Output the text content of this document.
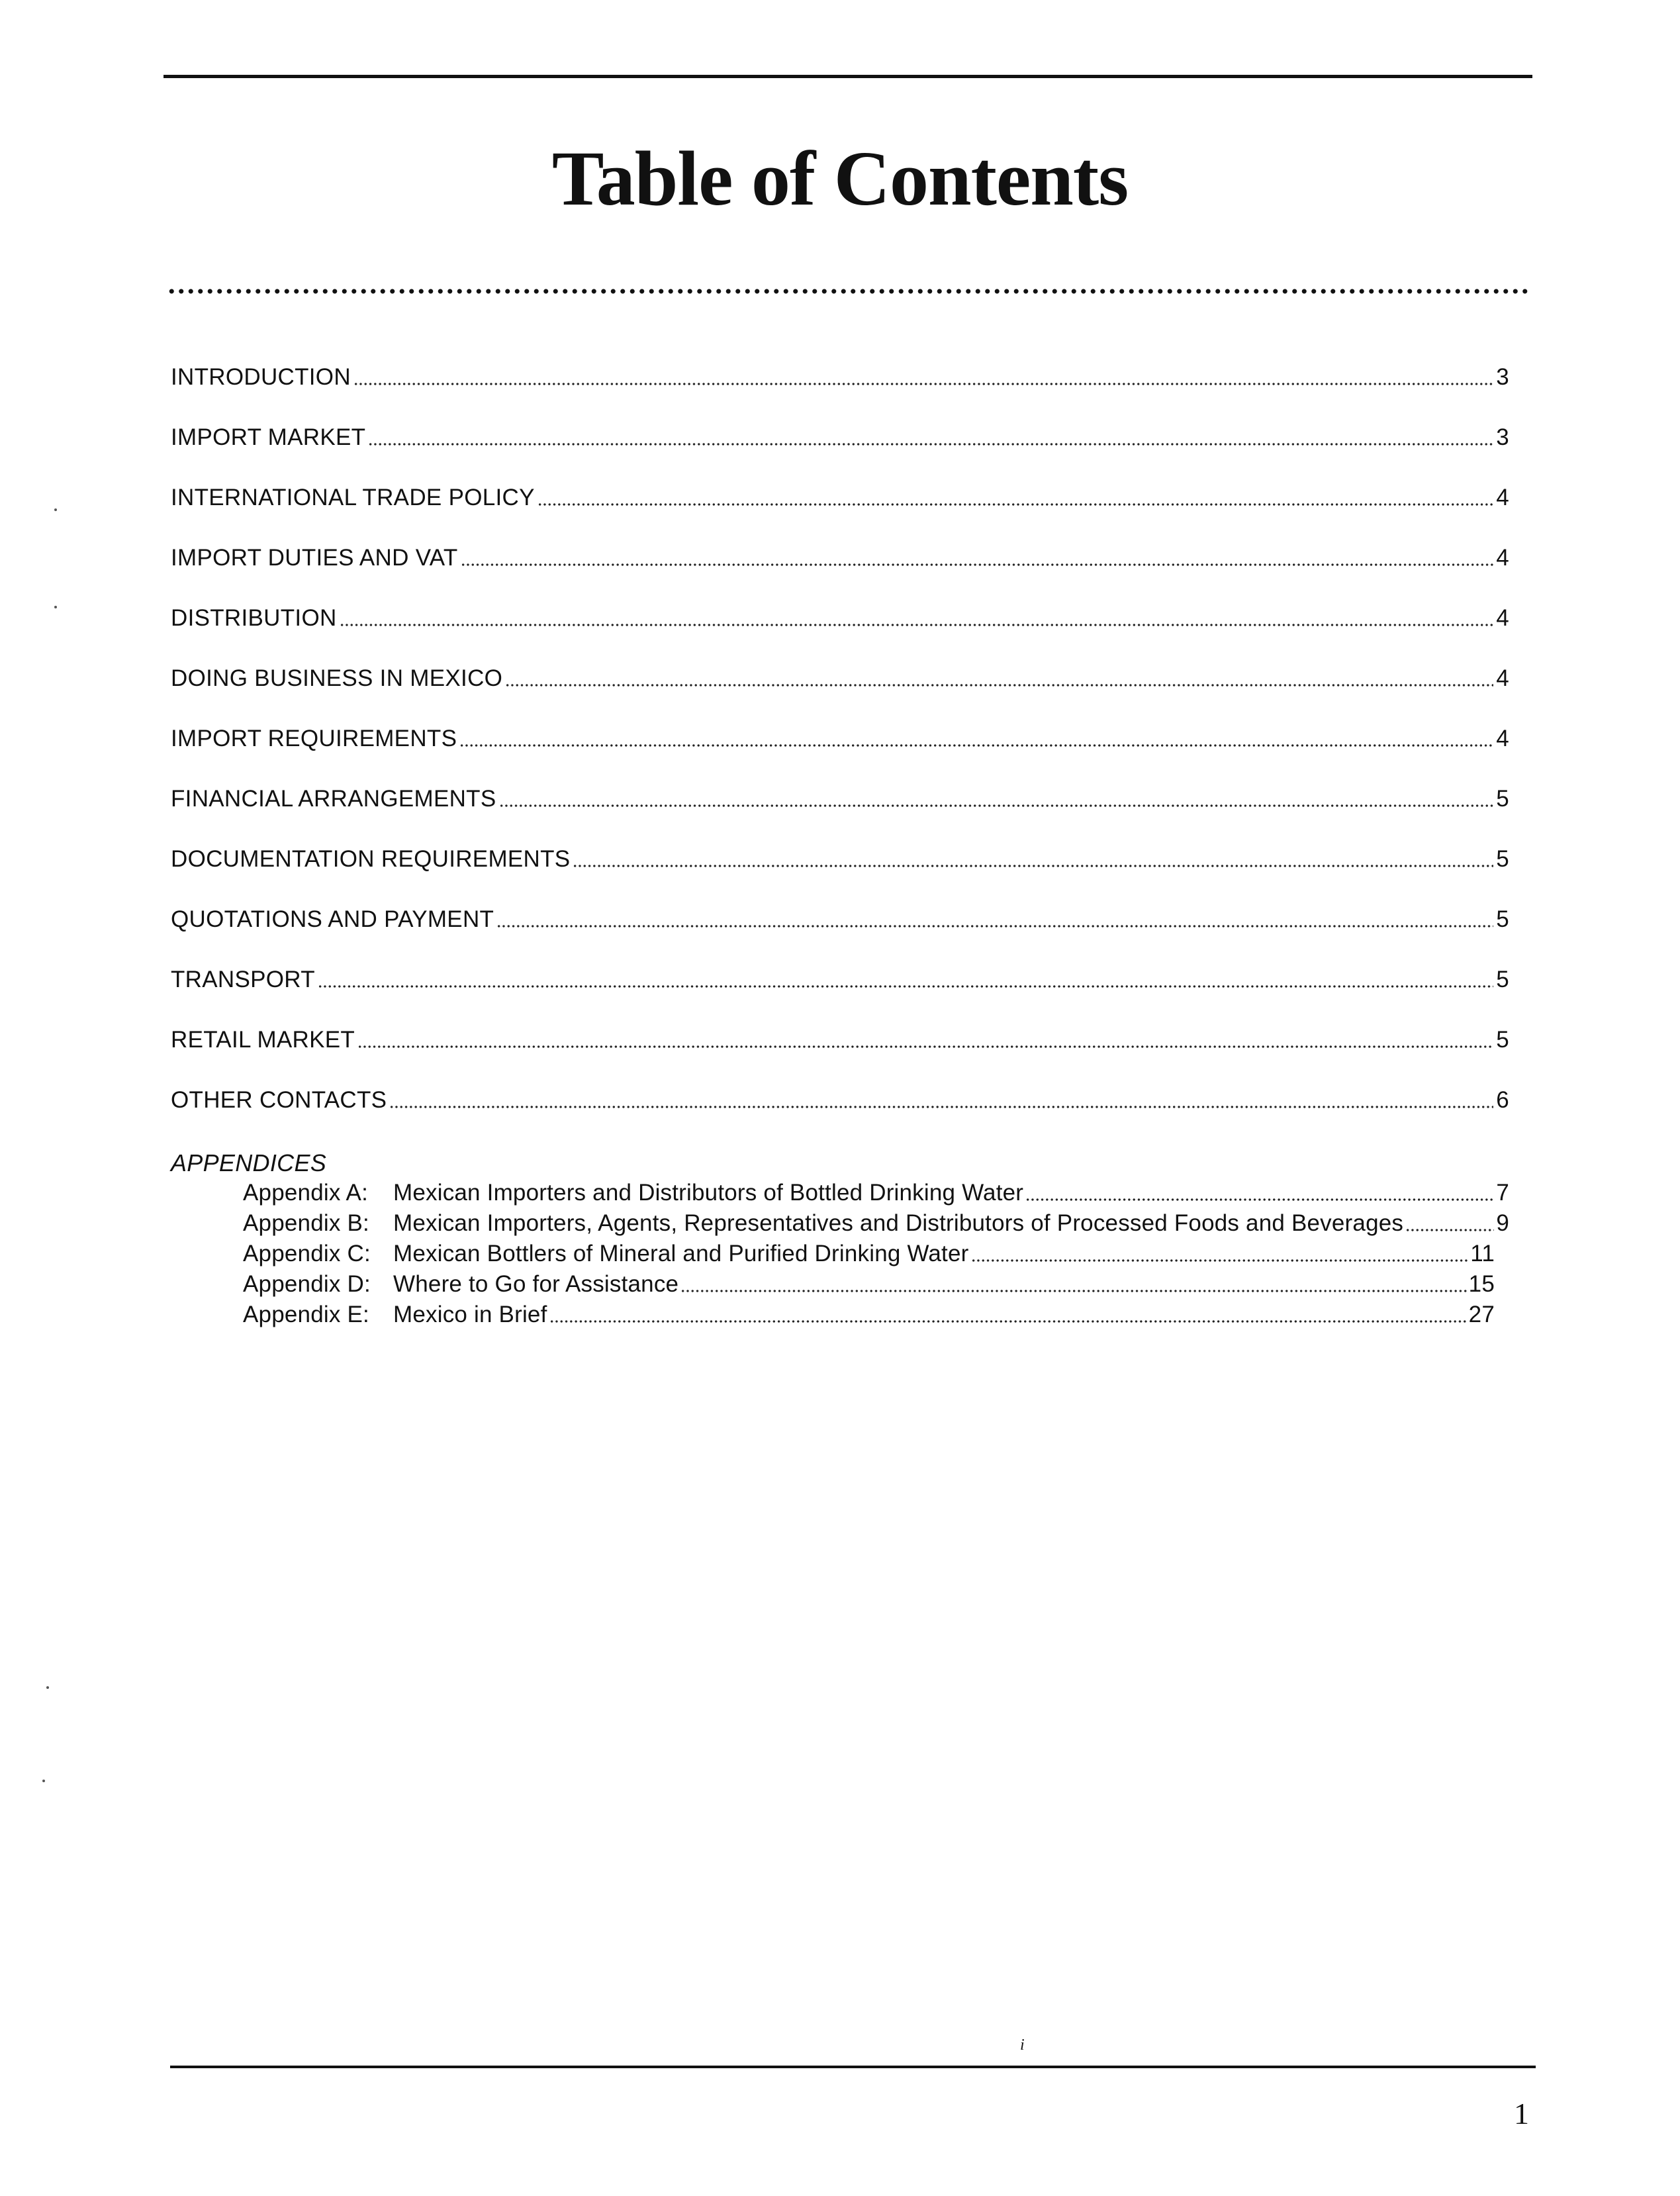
Table of Contents
INTRODUCTION	3
IMPORT MARKET	3
INTERNATIONAL TRADE POLICY	4
IMPORT DUTIES AND VAT	4
DISTRIBUTION	4
DOING BUSINESS IN MEXICO	4
IMPORT REQUIREMENTS	4
FINANCIAL ARRANGEMENTS	5
DOCUMENTATION REQUIREMENTS	5
QUOTATIONS AND PAYMENT	5
TRANSPORT	5
RETAIL MARKET	5
OTHER CONTACTS	6
APPENDICES
Appendix A: Mexican Importers and Distributors of Bottled Drinking Water	7
Appendix B: Mexican Importers, Agents, Representatives and Distributors of Processed Foods and Beverages	9
Appendix C: Mexican Bottlers of Mineral and Purified Drinking Water	11
Appendix D: Where to Go for Assistance	15
Appendix E: Mexico in Brief	27
i
1
